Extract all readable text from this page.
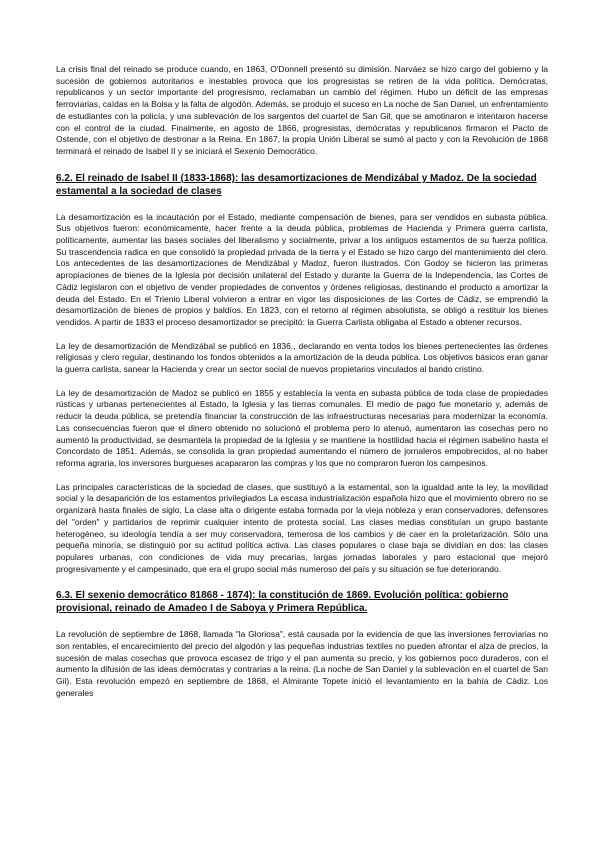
La crisis final del reinado se produce cuando, en 1863, O'Donnell presentó su dimisión. Narváez se hizo cargo del gobierno y la sucesión de gobiernos autoritarios e inestables provoca que los progresistas se retiren de la vida política. Demócratas, republicanos y un sector importante del progresismo, reclamaban un cambio del régimen. Hubo un déficit de las empresas ferroviarias, caídas en la Bolsa y la falta de algodón. Además, se produjo el suceso en La noche de San Daniel, un enfrentamiento de estudiantes con la policía, y una sublevación de los sargentos del cuartel de San Gil, que se amotinaron e intentaron hacerse con el control de la ciudad. Finalmente, en agosto de 1866, progresistas, demócratas y republicanos firmaron el Pacto de Ostende, con el objetivo de destronar a la Reina. En 1867, la propia Unión Liberal se sumó al pacto y con la Revolución de 1868 terminará el reinado de Isabel II y se iniciará el Sexenio Democrático.

6.2. El reinado de Isabel II (1833-1868): las desamortizaciones de Mendizábal y Madoz. De la sociedad estamental a la sociedad de clases

La desamortización es la incautación por el Estado, mediante compensación de bienes, para ser vendidos en subasta pública. Sus objetivos fueron: económicamente, hacer frente a la deuda pública, problemas de Hacienda y Primera guerra carlista, políticamente, aumentar las bases sociales del liberalismo y socialmente, privar a los antiguos estamentos de su fuerza política. Su trascendencia radica en que consolidó la propiedad privada de la tierra y el Estado se hizo cargo del mantenimiento del clero. Los antecedentes de las desamortizaciones de Mendizábal y Madoz, fueron ilustrados. Con Godoy se hicieron las primeras apropiaciones de bienes de la Iglesia por decisión unilateral del Estado y durante la Guerra de la Independencia, las Cortes de Cádiz legislaron con el objetivo de vender propiedades de conventos y órdenes religiosas, destinando el producto a amortizar la deuda del Estado. En el Trienio Liberal volvieron a entrar en vigor las disposiciones de las Cortes de Cádiz, se emprendió la desamortización de bienes de propios y baldíos. En 1823, con el retorno al régimen absolutista, se obligó a restituir los bienes vendidos. A partir de 1833 el proceso desamortizador se precipitó: la Guerra Carlista obligaba al Estado a obtener recursos.

La ley de desamortización de Mendizábal se publicó en 1836., declarando en venta todos los bienes pertenecientes las órdenes religiosas y clero regular, destinando los fondos obtenidos a la amortización de la deuda pública. Los objetivos básicos eran ganar la guerra carlista, sanear la Hacienda y crear un sector social de nuevos propietarios vinculados al bando cristino.

La ley de desamortización de Madoz se publicó en 1855 y establecía la venta en subasta pública de toda clase de propiedades rústicas y urbanas pertenecientes al Estado, la Iglesia y las tierras comunales. El medio de pago fue monetario y, además de reducir la deuda pública, se pretendía financiar la construcción de las infraestructuras necesarias para modernizar la economía. Las consecuencias fueron que el dinero obtenido no solucionó el problema pero lo atenuó, aumentaron las cosechas pero no aumentó la productividad, se desmantela la propiedad de la Iglesia y se mantiene la hostilidad hacia el régimen isabelino hasta el Concordato de 1851. Además, se consolida la gran propiedad aumentando el número de jornaleros empobrecidos, al no haber reforma agraria, los inversores burgueses acapararon las compras y los que no compraron fueron los campesinos.

Las principales características de la sociedad de clases, que sustituyó a la estamental, son la igualdad ante la ley, la movilidad social y la desaparición de los estamentos privilegiados La escasa industrialización española hizo que el movimiento obrero no se organizará hasta finales de siglo. La clase alta o dirigente estaba formada por la vieja nobleza y eran conservadores, defensores del "orden" y partidarios de reprimir cualquier intento de protesta social. Las clases medias constituían un grupo bastante heterogéneo, su ideología tendía a ser muy conservadora, temerosa de los cambios y de caer en la proletarización. Sólo una pequeña minoría, se distinguió por su actitud política activa. Las clases populares o clase baja se dividían en dos: las clases populares urbanas, con condiciones de vida muy precarias, largas jornadas laborales y paro estacional que mejoró progresivamente y el campesinado, que era el grupo social más numeroso del país y su situación se fue deteriorando.

6.3. El sexenio democrático 81868 - 1874): la constitución de 1869. Evolución política: gobierno provisional, reinado de Amadeo I de Saboya y Primera República.

La revolución de septiembre de 1868, llamada "la Gloriosa", está causada por la evidencia de que las inversiones ferroviarias no son rentables, el encarecimiento del precio del algodón y las pequeñas industrias textiles no pueden afrontar el alza de precios, la sucesión de malas cosechas que provoca escasez de trigo y el pan aumenta su precio, y los gobiernos poco duraderos, con el aumento la difusión de las ideas demócratas y contrarias a la reina. (La noche de San Daniel y la sublevación en el cuartel de San Gil). Esta revolución empezó en septiembre de 1868, el Almirante Topete inició el levantamiento en la bahía de Cádiz. Los generales
